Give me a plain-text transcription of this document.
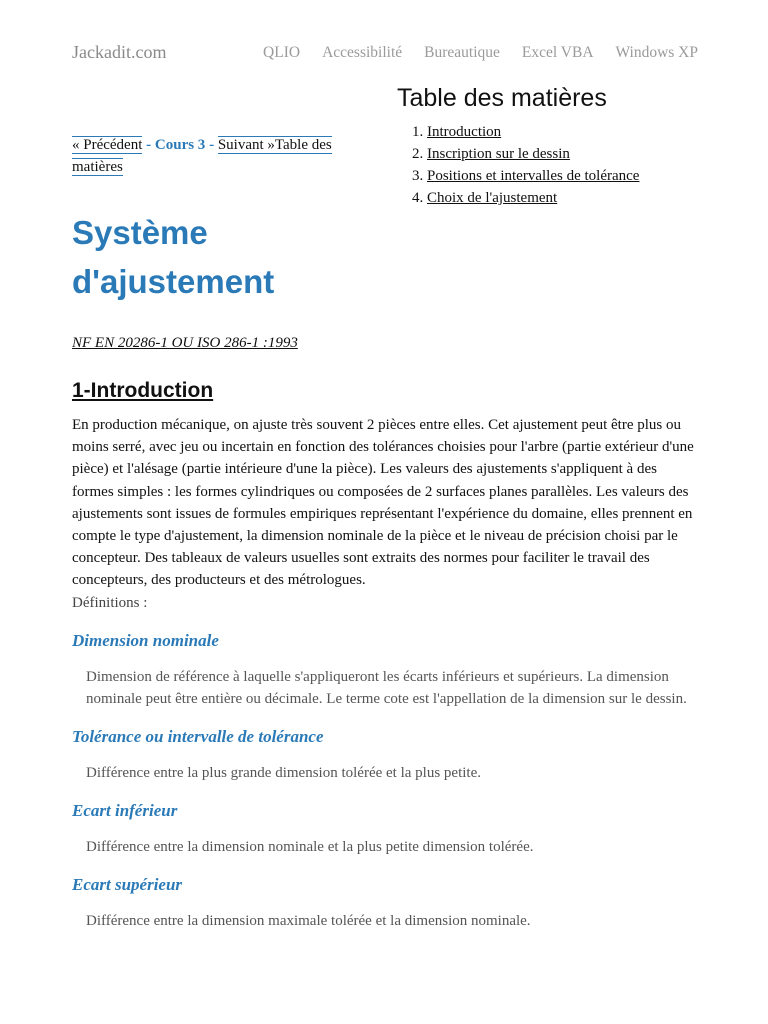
Jackadit.com	QLIO Accessibilité Bureautique Excel VBA Windows XP
« Précédent - Cours 3 - Suivant »Table des matières
Système d'ajustement
Table des matières
1. Introduction
2. Inscription sur le dessin
3. Positions et intervalles de tolérance
4. Choix de l'ajustement

NF EN 20286-1 OU ISO 286-1 :1993

1-Introduction

En production mécanique, on ajuste très souvent 2 pièces entre elles. Cet ajustement peut être plus ou moins serré, avec jeu ou incertain en fonction des tolérances choisies pour l'arbre (partie extérieur d'une pièce) et l'alésage (partie intérieure d'une la pièce). Les valeurs des ajustements s'appliquent à des formes simples : les formes cylindriques ou composées de 2 surfaces planes parallèles. Les valeurs des ajustements sont issues de formules empiriques représentant l'expérience du domaine, elles prennent en compte le type d'ajustement, la dimension nominale de la pièce et le niveau de précision choisi par le concepteur. Des tableaux de valeurs usuelles sont extraits des normes pour faciliter le travail des concepteurs, des producteurs et des métrologues.

Définitions :

Dimension nominale

Dimension de référence à laquelle s'appliqueront les écarts inférieurs et supérieurs. La dimension nominale peut être entière ou décimale. Le terme cote est l'appellation de la dimension sur le dessin.

Tolérance ou intervalle de tolérance

Différence entre la plus grande dimension tolérée et la plus petite.

Ecart inférieur

Différence entre la dimension nominale et la plus petite dimension tolérée.

Ecart supérieur

Différence entre la dimension maximale tolérée et la dimension nominale.
